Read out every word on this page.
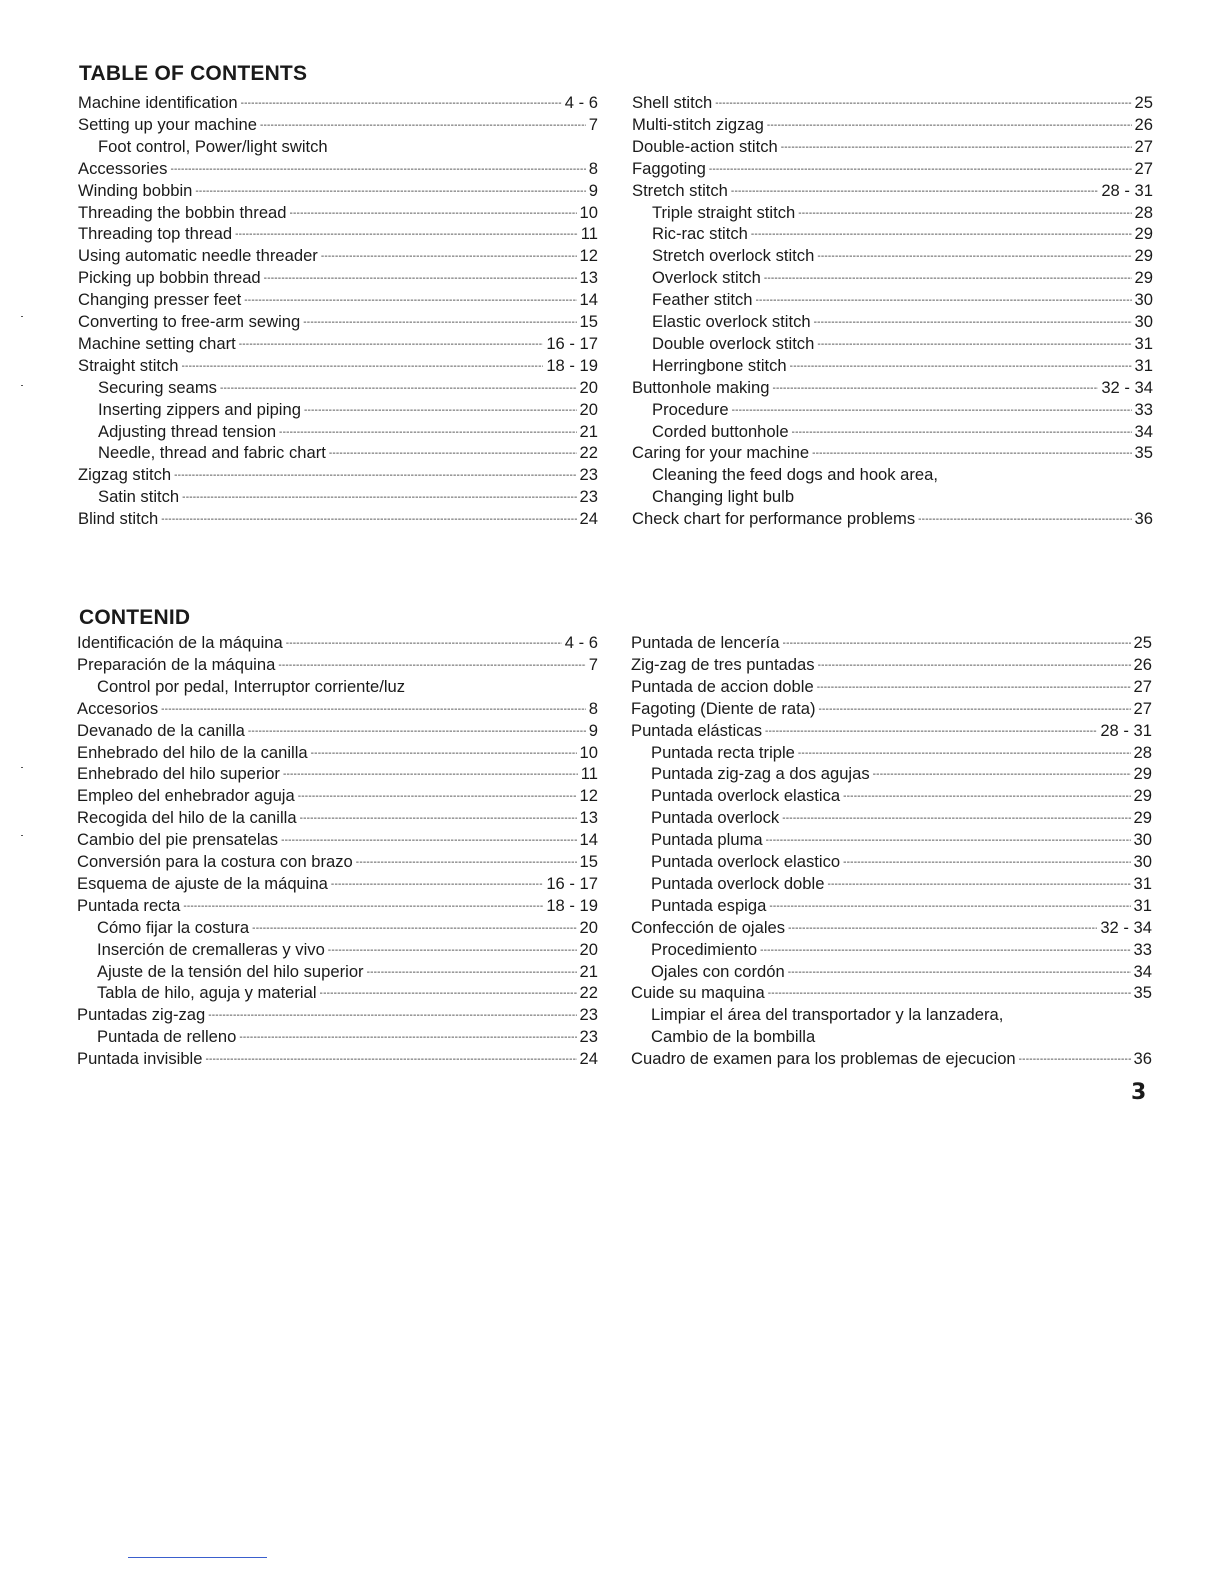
TABLE OF CONTENTS
Machine identification -----	4 - 6
Setting up your machine -----	7
Foot control, Power/light switch
Accessories -----	8
Winding bobbin -----	9
Threading the bobbin thread -----	10
Threading top thread -----	11
Using automatic needle threader -----	12
Picking up bobbin thread -----	13
Changing presser feet -----	14
Converting to free-arm sewing -----	15
Machine setting chart -----	16 - 17
Straight stitch -----	18 - 19
Securing seams -----	20
Inserting zippers and piping -----	20
Adjusting thread tension -----	21
Needle, thread and fabric chart -----	22
Zigzag stitch -----	23
Satin stitch -----	23
Blind stitch -----	24
Shell stitch -----	25
Multi-stitch zigzag -----	26
Double-action stitch -----	27
Faggoting -----	27
Stretch stitch -----	28 - 31
Triple straight stitch -----	28
Ric-rac stitch -----	29
Stretch overlock stitch -----	29
Overlock stitch -----	29
Feather stitch -----	30
Elastic overlock stitch -----	30
Double overlock stitch -----	31
Herringbone stitch -----	31
Buttonhole making -----	32 - 34
Procedure -----	33
Corded buttonhole -----	34
Caring for your machine -----	35
Cleaning the feed dogs and hook area,
Changing light bulb
Check chart for performance problems -----	36
CONTENID
Identificación de la máquina -----	4 - 6
Preparación de la máquina -----	7
Control por pedal, Interruptor corriente/luz
Accesorios -----	8
Devanado de la canilla -----	9
Enhebrado del hilo de la canilla -----	10
Enhebrado del hilo superior -----	11
Empleo del enhebrador aguja -----	12
Recogida del hilo de la canilla -----	13
Cambio del pie prensatelas -----	14
Conversión para la costura con brazo -----	15
Esquema de ajuste de la máquina -----	16 - 17
Puntada recta -----	18 - 19
Cómo fijar la costura -----	20
Inserción de cremalleras y vivo -----	20
Ajuste de la tensión del hilo superior -----	21
Tabla de hilo, aguja y material -----	22
Puntadas zig-zag -----	23
Puntada de relleno -----	23
Puntada invisible -----	24
Puntada de lencería -----	25
Zig-zag de tres puntadas -----	26
Puntada de accion doble -----	27
Fagoting (Diente de rata) -----	27
Puntada elásticas -----	28 - 31
Puntada recta triple -----	28
Puntada zig-zag a dos agujas -----	29
Puntada overlock elastica -----	29
Puntada overlock -----	29
Puntada pluma -----	30
Puntada overlock elastico -----	30
Puntada overlock doble -----	31
Puntada espiga -----	31
Confección de ojales -----	32 - 34
Procedimiento -----	33
Ojales con cordón -----	34
Cuide su maquina -----	35
Limpiar el área del transportador y la lanzadera,
Cambio de la bombilla
Cuadro de examen para los problemas de ejecucion -----	36
3
